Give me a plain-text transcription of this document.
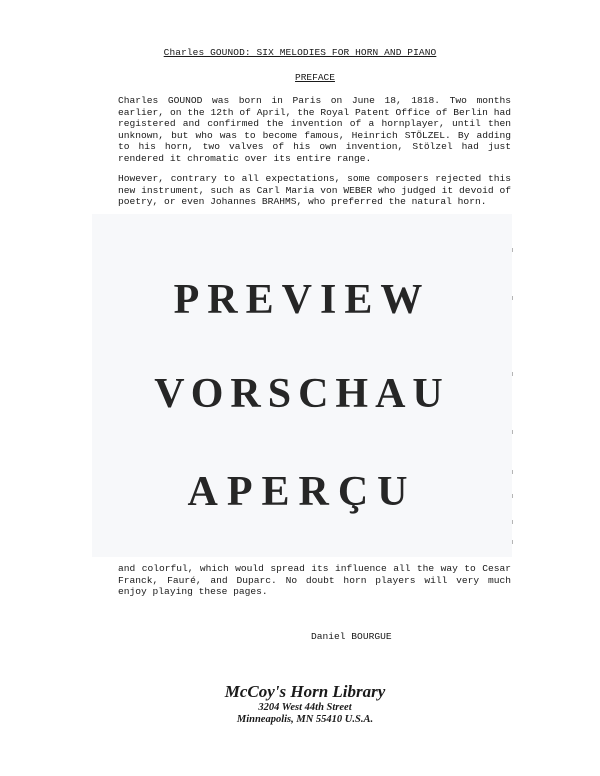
Charles GOUNOD: SIX MELODIES FOR HORN AND PIANO
PREFACE

Charles GOUNOD was born in Paris on June 18, 1818. Two months earlier, on the 12th of April, the Royal Patent Office of Berlin had registered and confirmed the invention of a hornplayer, until then unknown, but who was to become famous, Heinrich STÖLZEL. By adding to his horn, two valves of his own invention, Stölzel had just rendered it chromatic over its entire range.

However, contrary to all expectations, some composers rejected this new instrument, such as Carl Maria von WEBER who judged it devoid of poetry, or even Johannes BRAHMS, who preferred the natural horn.

PREVIEW
VORSCHAU
APERÇU

and colorful, which would spread its influence all the way to Cesar Franck, Fauré, and Duparc. No doubt horn players will very much enjoy playing these pages.

Daniel BOURGUE
McCoy's Horn Library
3204 West 44th Street
Minneapolis, MN 55410 U.S.A.
